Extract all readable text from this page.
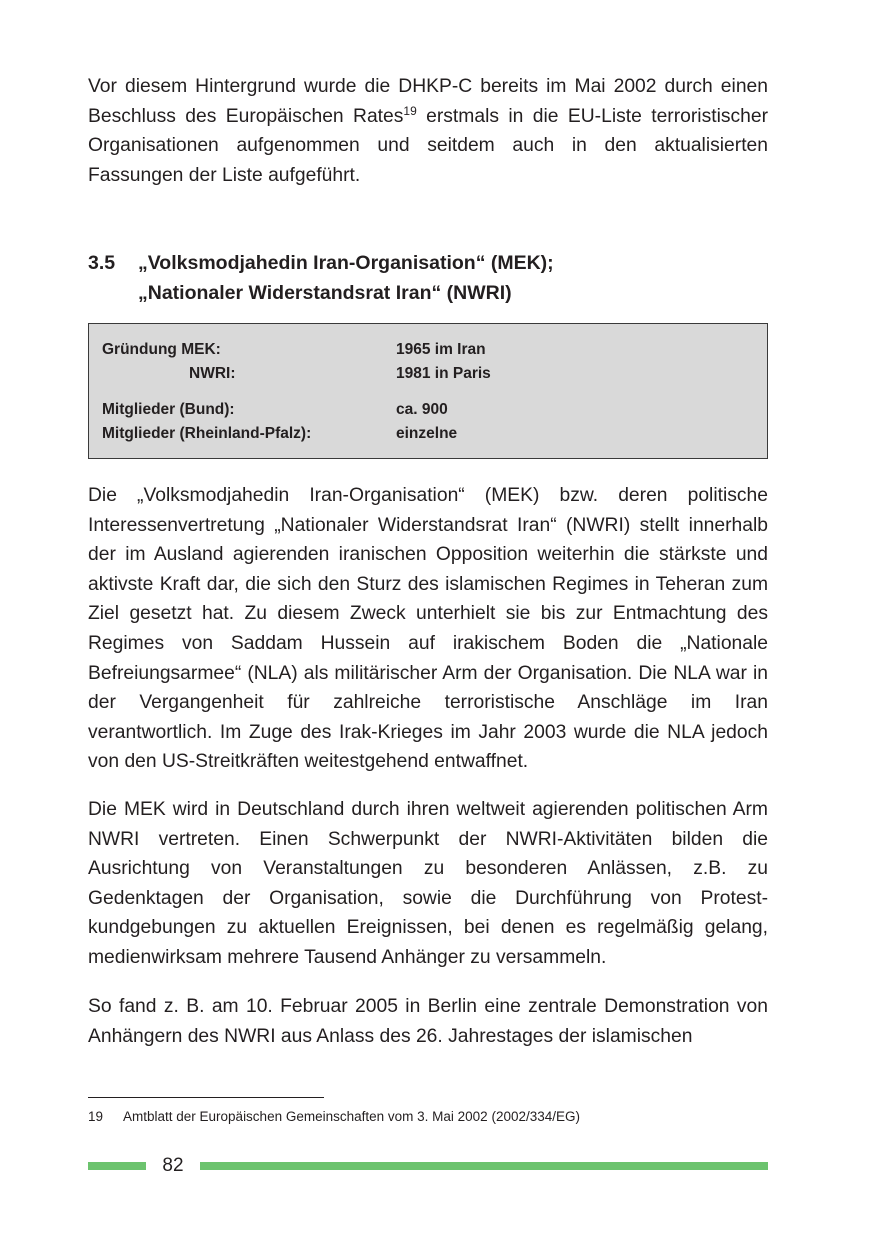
Vor diesem Hintergrund wurde die DHKP-C bereits im Mai 2002 durch einen Beschluss des Europäischen Rates$^{19}$ erstmals in die EU-Liste terroristischer Organisationen aufgenommen und seitdem auch in den aktualisierten Fassungen der Liste aufgeführt.

3.5 „Volksmodjahedin Iran-Organisation“ (MEK);
„Nationaler Widerstandsrat Iran“ (NWRI)
Gründung MEK:	1965 im Iran
NWRI:	1981 in Paris
Mitglieder (Bund):	ca. 900
Mitglieder (Rheinland-Pfalz):	einzelne

Die „Volksmodjahedin Iran-Organisation“ (MEK) bzw. deren politische Interessenvertretung „Nationaler Widerstandsrat Iran“ (NWRI) stellt innerhalb der im Ausland agierenden iranischen Opposition weiterhin die stärkste und aktivste Kraft dar, die sich den Sturz des islamischen Regimes in Teheran zum Ziel gesetzt hat. Zu diesem Zweck unterhielt sie bis zur Entmachtung des Regimes von Saddam Hussein auf irakischem Boden die „Nationale Befreiungsarmee“ (NLA) als militärischer Arm der Organisation. Die NLA war in der Vergangenheit für zahlreiche terroristische Anschläge im Iran verantwortlich. Im Zuge des Irak-Krieges im Jahr 2003 wurde die NLA jedoch von den US-Streitkräften weitestgehend entwaffnet.

Die MEK wird in Deutschland durch ihren weltweit agierenden politischen Arm NWRI vertreten. Einen Schwerpunkt der NWRI-Aktivitäten bilden die Ausrichtung von Veranstaltungen zu besonderen Anlässen, z.B. zu Gedenktagen der Organisation, sowie die Durchführung von Protestkundgebungen zu aktuellen Ereignissen, bei denen es regelmäßig gelang, medienwirksam mehrere Tausend Anhänger zu versammeln.

So fand z. B. am 10. Februar 2005 in Berlin eine zentrale Demonstration von Anhängern des NWRI aus Anlass des 26. Jahrestages der islamischen

19 Amtblatt der Europäischen Gemeinschaften vom 3. Mai 2002 (2002/334/EG)
82
